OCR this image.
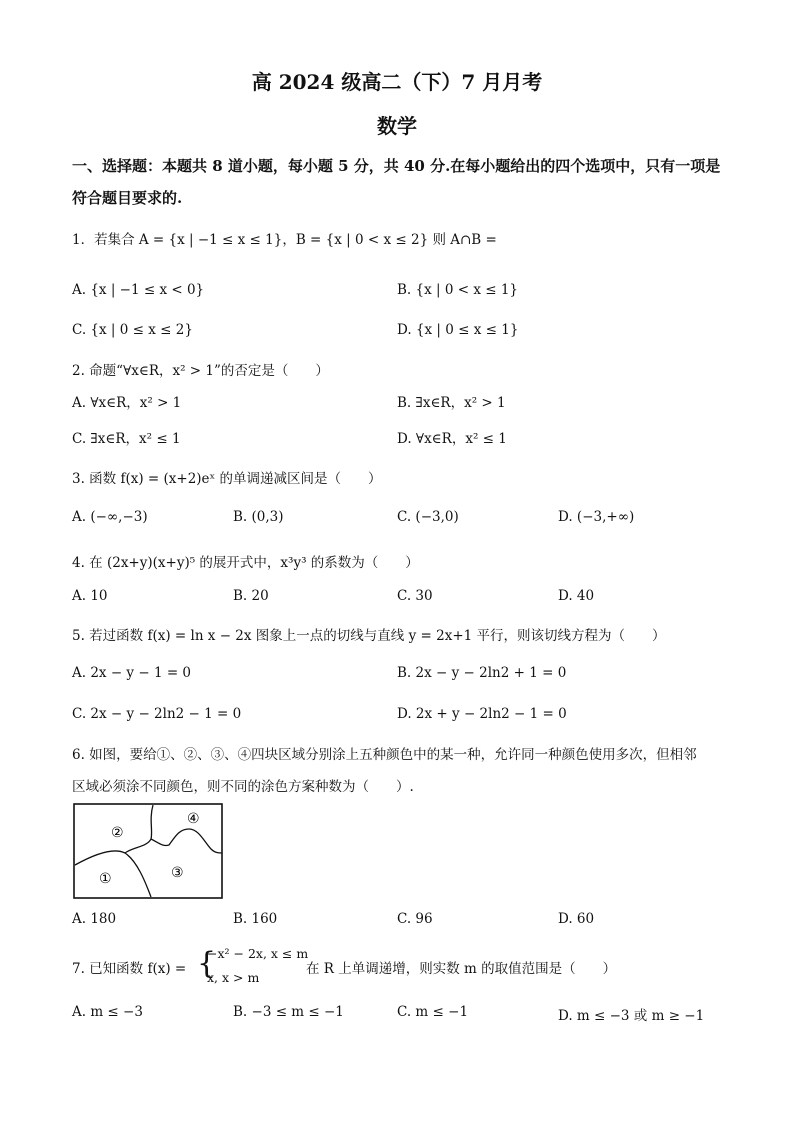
高 2024 级高二（下）7 月月考
数学
一、选择题：本题共 8 道小题，每小题 5 分，共 40 分.在每小题给出的四个选项中，只有一项是符合题目要求的.
1．若集合 A = {x | −1 ≤ x ≤ 1}，B = {x | 0 < x ≤ 2} 则 A∩B =
A. {x | −1 ≤ x < 0}	B. {x | 0 < x ≤ 1}
C. {x | 0 ≤ x ≤ 2}	D. {x | 0 ≤ x ≤ 1}
2. 命题“∀x∈R，x² > 1”的否定是（　　）
A. ∀x∈R，x² > 1	B. ∃x∈R，x² > 1
C. ∃x∈R，x² ≤ 1	D. ∀x∈R，x² ≤ 1
3. 函数 f(x) = (x+2)eˣ 的单调递减区间是（　　）
A. (−∞,−3)	B. (0,3)	C. (−3,0)	D. (−3,+∞)
4. 在 (2x+y)(x+y)⁵ 的展开式中，x³y³ 的系数为（　　）
A. 10	B. 20	C. 30	D. 40
5. 若过函数 f(x) = ln x − 2x 图象上一点的切线与直线 y = 2x+1 平行，则该切线方程为（　　）
A. 2x − y − 1 = 0	B. 2x − y − 2ln2 + 1 = 0
C. 2x − y − 2ln2 − 1 = 0	D. 2x + y − 2ln2 − 1 = 0
6. 如图，要给①、②、③、④四块区域分别涂上五种颜色中的某一种，允许同一种颜色使用多次，但相邻
区域必须涂不同颜色，则不同的涂色方案种数为（　　）.
①
②
③
④
A. 180	B. 160	C. 96	D. 60
7. 已知函数 f(x) = {
−x² − 2x, x ≤ m
x, x > m
在 R 上单调递增，则实数 m 的取值范围是（　　）
A. m ≤ −3	B. −3 ≤ m ≤ −1	C. m ≤ −1	D. m ≤ −3 或 m ≥ −1
